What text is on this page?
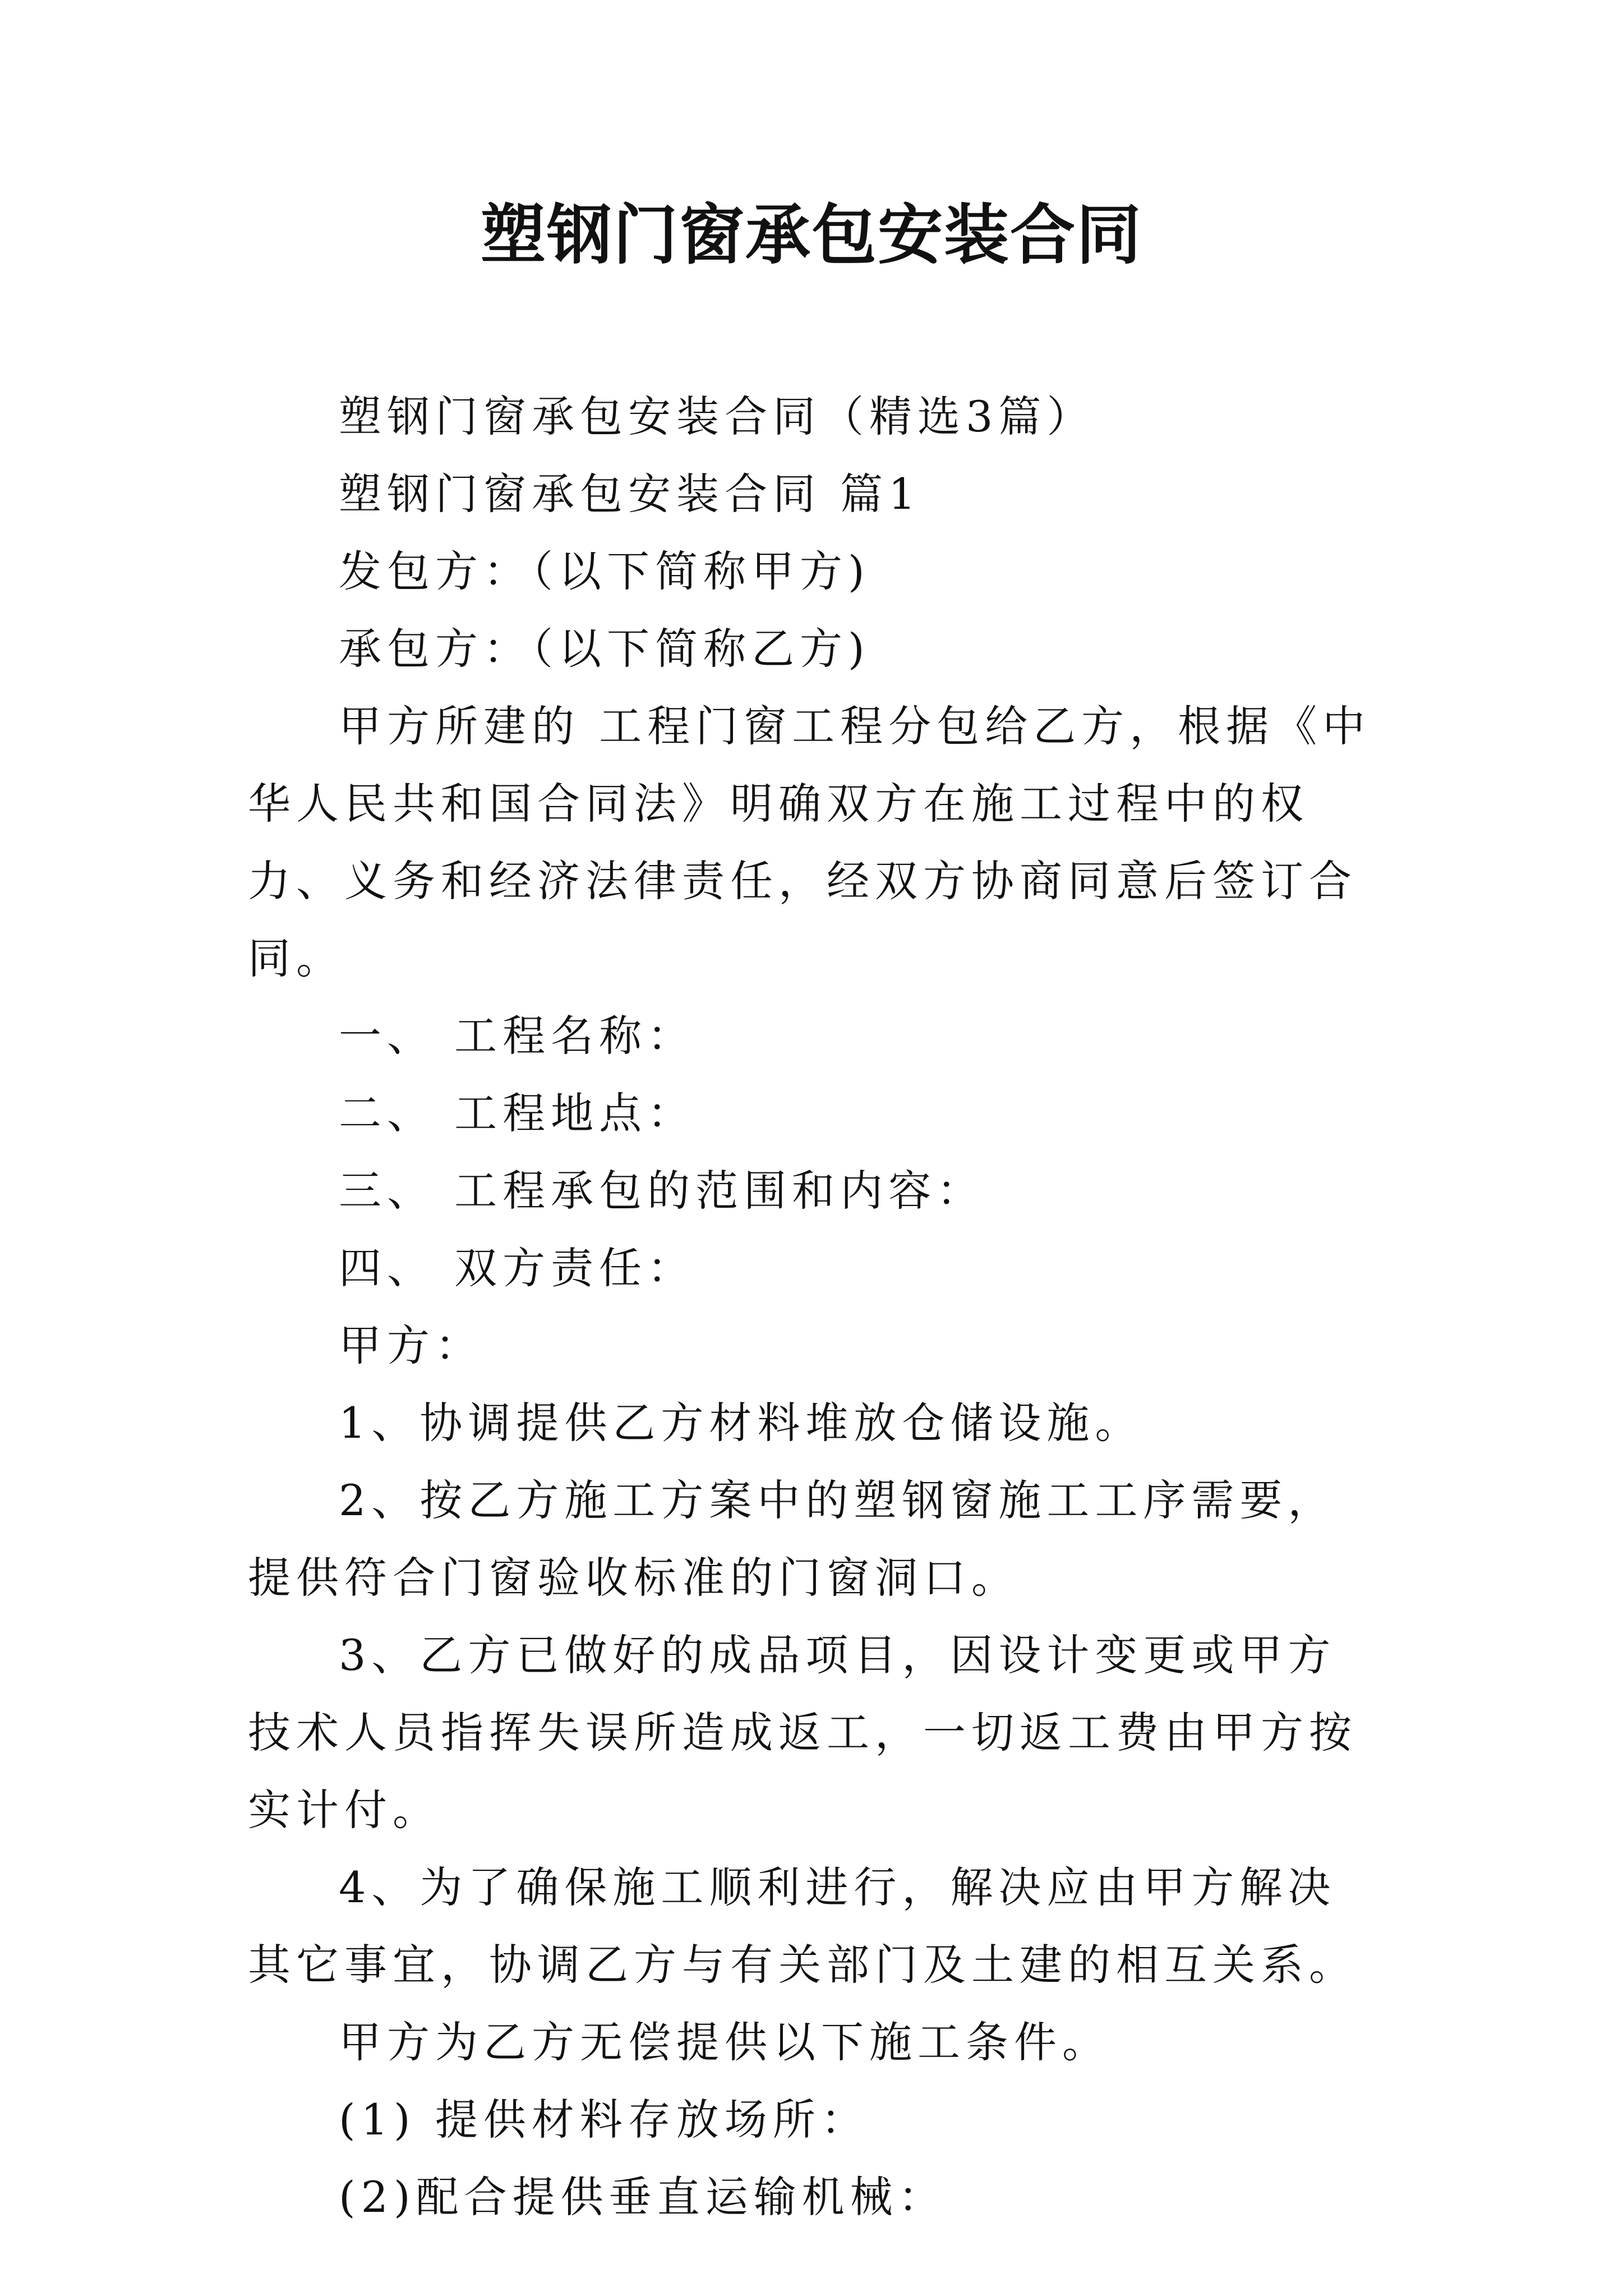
塑钢门窗承包安装合同

塑钢门窗承包安装合同（精选3篇）

塑钢门窗承包安装合同 篇1

发包方：（以下简称甲方)

承包方：（以下简称乙方)

甲方所建的 工程门窗工程分包给乙方，根据《中华人民共和国合同法》明确双方在施工过程中的权力、义务和经济法律责任，经双方协商同意后签订合同。

一、 工程名称：

二、 工程地点：

三、 工程承包的范围和内容：

四、 双方责任：

甲方：

1、协调提供乙方材料堆放仓储设施。

2、按乙方施工方案中的塑钢窗施工工序需要，提供符合门窗验收标准的门窗洞口。

3、乙方已做好的成品项目，因设计变更或甲方技术人员指挥失误所造成返工，一切返工费由甲方按实计付。

4、为了确保施工顺利进行，解决应由甲方解决其它事宜，协调乙方与有关部门及土建的相互关系。

甲方为乙方无偿提供以下施工条件。

(1) 提供材料存放场所：

(2)配合提供垂直运输机械：
